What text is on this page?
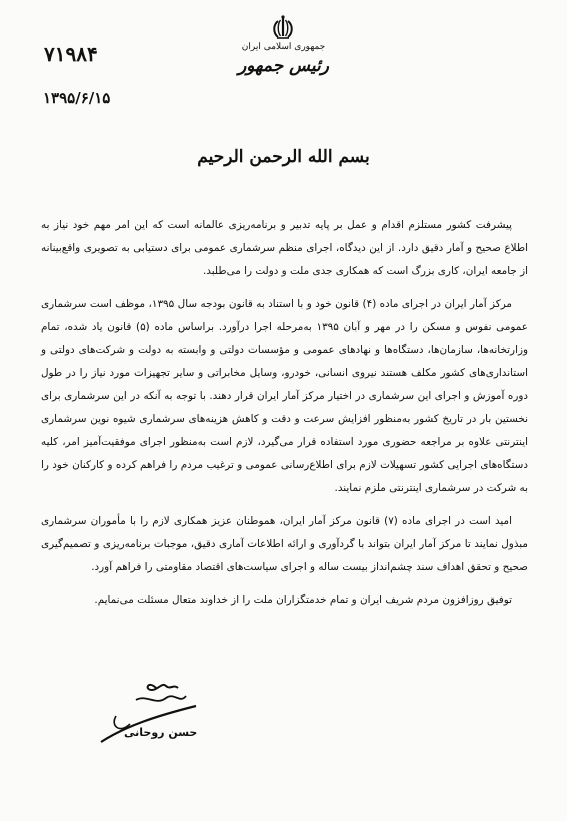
جمهوری اسلامی ایران
رئیس جمهور
۷۱۹۸۴
۱۳۹۵/۶/۱۵
بسم الله الرحمن الرحیم

پیشرفت کشور مستلزم اقدام و عمل بر پایه تدبیر و برنامه‌ریزی عالمانه است که این امر مهم خود نیاز به اطلاع صحیح و آمار دقیق دارد. از این دیدگاه، اجرای منظم سرشماری عمومی برای دستیابی به تصویری واقع‌بینانه از جامعه ایران، کاری بزرگ است که همکاری جدی ملت و دولت را می‌طلبد.

مرکز آمار ایران در اجرای ماده (۴) قانون خود و با استناد به قانون بودجه سال ۱۳۹۵، موظف است سرشماری عمومی نفوس و مسکن را در مهر و آبان ۱۳۹۵ به‌مرحله اجرا درآورد. براساس ماده (۵) قانون یاد شده، تمام وزارتخانه‌ها، سازمان‌ها، دستگاه‌ها و نهادهای عمومی و مؤسسات دولتی و وابسته به دولت و شرکت‌های دولتی و استانداری‌های کشور مکلف هستند نیروی انسانی، خودرو، وسایل مخابراتی و سایر تجهیزات مورد نیاز را در طول دوره آموزش و اجرای این سرشماری در اختیار مرکز آمار ایران قرار دهند. با توجه به آنکه در این سرشماری برای نخستین بار در تاریخ کشور به‌منظور افزایش سرعت و دقت و کاهش هزینه‌های سرشماری شیوه نوین سرشماری اینترنتی علاوه بر مراجعه حضوری مورد استفاده قرار می‌گیرد، لازم است به‌منظور اجرای موفقیت‌آمیز امر، کلیه دستگاه‌های اجرایی کشور تسهیلات لازم برای اطلاع‌رسانی عمومی و ترغیب مردم را فراهم کرده و کارکنان خود را به شرکت در سرشماری اینترنتی ملزم نمایند.

امید است در اجرای ماده (۷) قانون مرکز آمار ایران، هموطنان عزیز همکاری لازم را با مأموران سرشماری مبذول نمایند تا مرکز آمار ایران بتواند با گردآوری و ارائه اطلاعات آماری دقیق، موجبات برنامه‌ریزی و تصمیم‌گیری صحیح و تحقق اهداف سند چشم‌انداز بیست ساله و اجرای سیاست‌های اقتصاد مقاومتی را فراهم آورد.

توفیق روزافزون مردم شریف ایران و تمام خدمتگزاران ملت را از خداوند متعال مسئلت می‌نمایم.

حسن روحانی
